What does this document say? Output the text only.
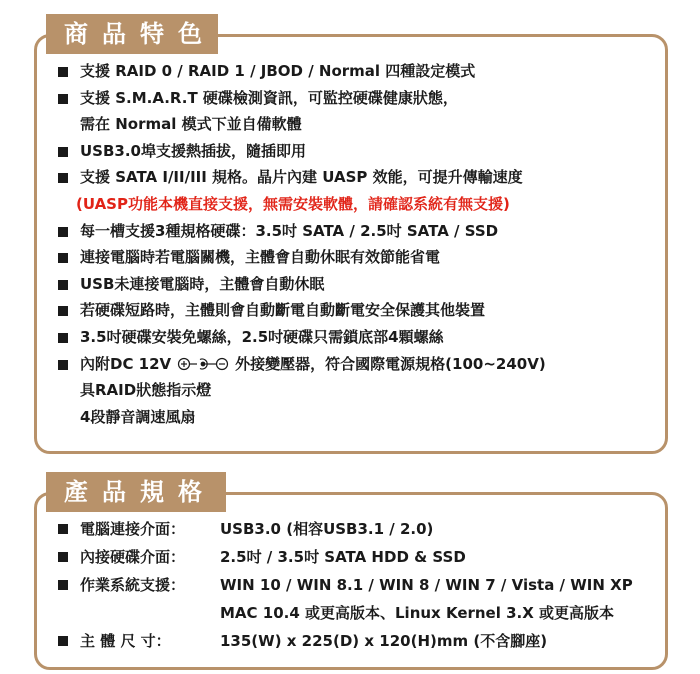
商品特色
支援 RAID 0 / RAID 1 / JBOD / Normal 四種設定模式
支援 S.M.A.R.T 硬碟檢測資訊，可監控硬碟健康狀態，
需在 Normal 模式下並自備軟體
USB3.0埠支援熱插拔，隨插即用
支援 SATA I/II/III 規格。晶片內建 UASP 效能，可提升傳輸速度
(UASP功能本機直接支援，無需安裝軟體，請確認系統有無支援)
每一槽支援3種規格硬碟：3.5吋 SATA / 2.5吋 SATA / SSD
連接電腦時若電腦關機，主體會自動休眠有效節能省電
USB未連接電腦時，主體會自動休眠
若硬碟短路時，主體則會自動斷電自動斷電安全保護其他裝置
3.5吋硬碟安裝免螺絲，2.5吋硬碟只需鎖底部4顆螺絲
內附DC 12V	外接變壓器，符合國際電源規格(100~240V)
具RAID狀態指示燈
4段靜音調速風扇
產品規格
電腦連接介面： USB3.0 (相容USB3.1 / 2.0)
內接硬碟介面： 2.5吋 / 3.5吋 SATA HDD & SSD
作業系統支援： WIN 10 / WIN 8.1 / WIN 8 / WIN 7 / Vista / WIN XP
MAC 10.4 或更高版本、Linux Kernel 3.X 或更高版本
主 體 尺 寸：	135(W) x 225(D) x 120(H)mm (不含腳座)
